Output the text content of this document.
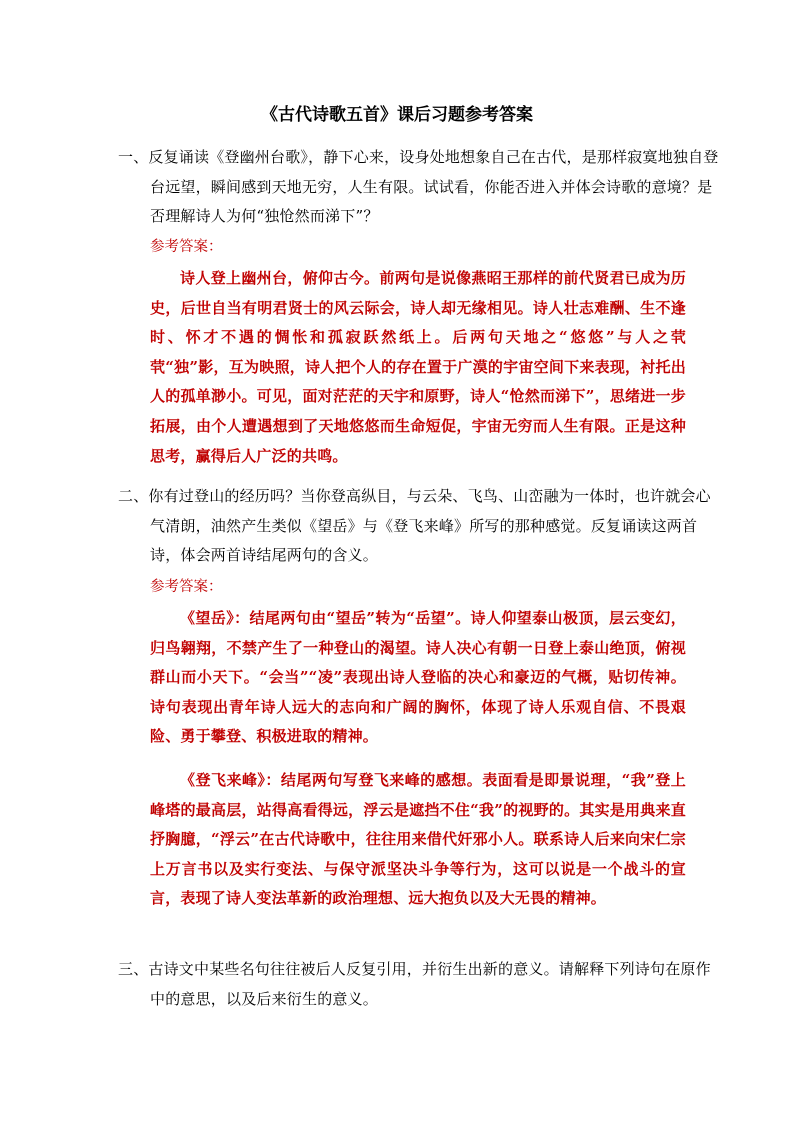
《古代诗歌五首》课后习题参考答案
一、反复诵读《登幽州台歌》，静下心来，设身处地想象自己在古代，是那样寂寞地独自登台远望，瞬间感到天地无穷，人生有限。试试看，你能否进入并体会诗歌的意境？是否理解诗人为何“独怆然而涕下”？
参考答案：
诗人登上幽州台，俯仰古今。前两句是说像燕昭王那样的前代贤君已成为历史，后世自当有明君贤士的风云际会，诗人却无缘相见。诗人壮志难酬、生不逢时、怀才不遇的惆怅和孤寂跃然纸上。后两句天地之“悠悠”与人之茕茕“独”影，互为映照，诗人把个人的存在置于广漠的宇宙空间下来表现，衬托出人的孤单渺小。可见，面对茫茫的天宇和原野，诗人“怆然而涕下”，思绪进一步拓展，由个人遭遇想到了天地悠悠而生命短促，宇宙无穷而人生有限。正是这种思考，赢得后人广泛的共鸣。
二、你有过登山的经历吗？当你登高纵目，与云朵、飞鸟、山峦融为一体时，也许就会心气清朗，油然产生类似《望岳》与《登飞来峰》所写的那种感觉。反复诵读这两首诗，体会两首诗结尾两句的含义。
参考答案：
《望岳》：结尾两句由“望岳”转为“岳望”。诗人仰望泰山极顶，层云变幻，归鸟翱翔，不禁产生了一种登山的渴望。诗人决心有朝一日登上泰山绝顶，俯视群山而小天下。“会当”“凌”表现出诗人登临的决心和豪迈的气概，贴切传神。诗句表现出青年诗人远大的志向和广阔的胸怀，体现了诗人乐观自信、不畏艰险、勇于攀登、积极进取的精神。
《登飞来峰》：结尾两句写登飞来峰的感想。表面看是即景说理，“我”登上峰塔的最高层，站得高看得远，浮云是遮挡不住“我”的视野的。其实是用典来直抒胸臆，“浮云”在古代诗歌中，往往用来借代奸邪小人。联系诗人后来向宋仁宗上万言书以及实行变法、与保守派坚决斗争等行为，这可以说是一个战斗的宣言，表现了诗人变法革新的政治理想、远大抱负以及大无畏的精神。
三、古诗文中某些名句往往被后人反复引用，并衍生出新的意义。请解释下列诗句在原作中的意思，以及后来衍生的意义。
